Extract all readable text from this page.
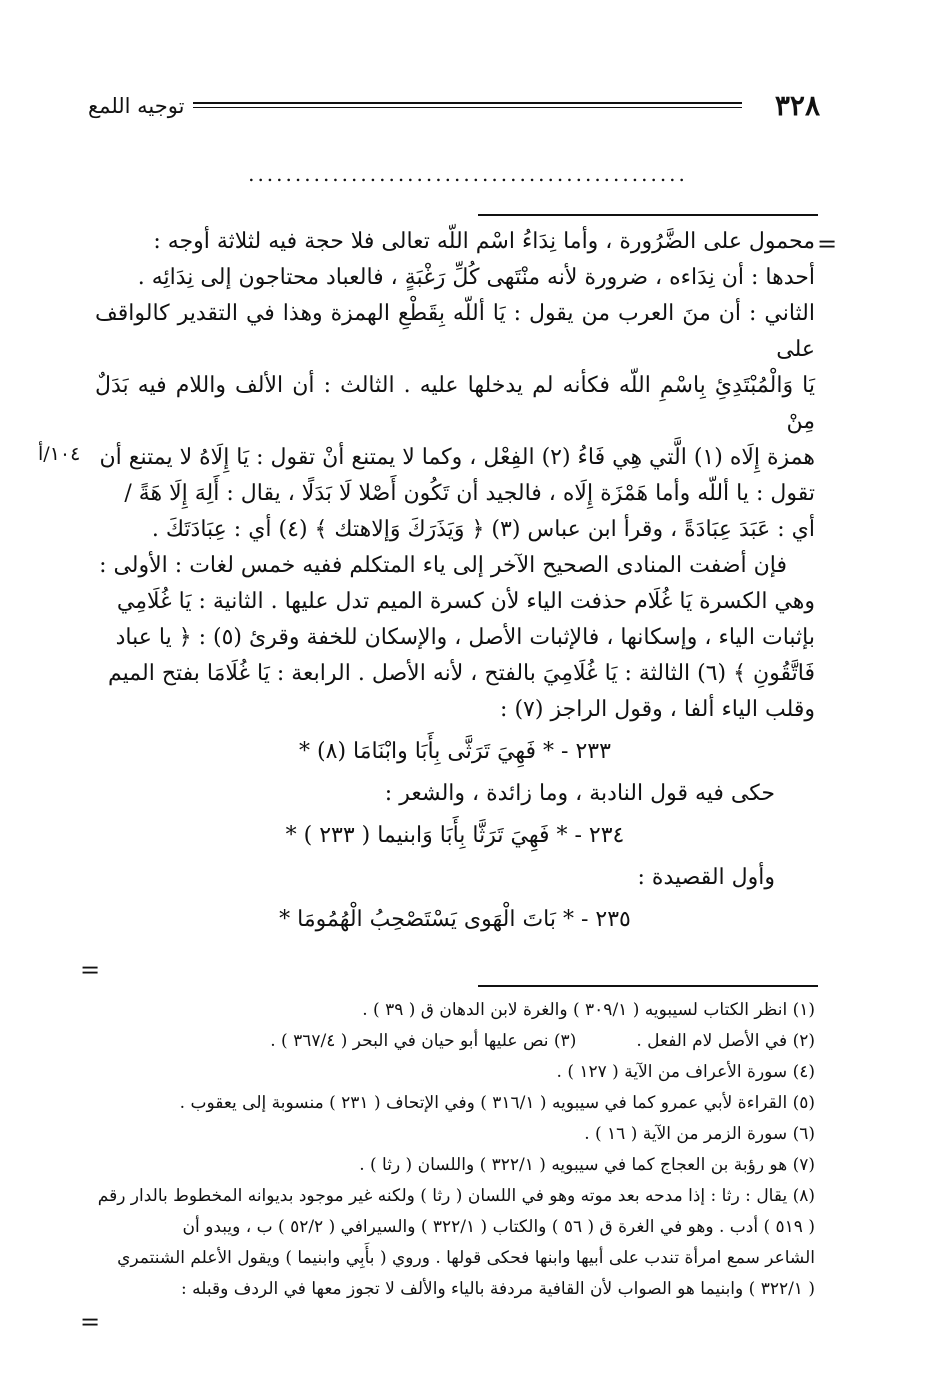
٣٢٨
توجيه اللمع
...............................................
=
١٠٤/أ

محمول على الضَّرُورة ، وأما نِدَاءُ اسْم اللّه تعالى فلا حجة فيه لثلاثة أوجه :

أحدها : أن نِدَاءه ، ضرورة لأنه منْتَهى كُلِّ رَغْبَةٍ ، فالعباد محتاجون إلى نِدَائِه .

الثاني : أن منَ العرب من يقول : يَا أللّه بِقَطْعِ الهمزة وهذا في التقدير كالواقف على

يَا وَالْمُبْتَدِئِ بِاسْمِ اللّه فكأنه لم يدخلها عليه . الثالث : أن الألف واللام فيه بَدَلٌ مِنْ

همزة إِلَاه (١) الَّتي هِي فَاءُ (٢) الفِعْل ، وكما لا يمتنع أنْ تقول : يَا إِلَاهُ لا يمتنع أن

تقول : يا أللّه وأما هَمْزَة إِلَاه ، فالجيد أن تَكُون أَصْلا لَا بَدَلًا ، يقال : أَلِهَ إِلَا هَةً /

أي : عَبَدَ عِبَادَةً ، وقرأ ابن عباس (٣) ﴿ وَيَذَرَكَ وَإلاهتك ﴾ (٤) أي : عِبَادَتَكَ .

فإن أضفت المنادى الصحيح الآخر إلى ياء المتكلم ففيه خمس لغات : الأولى :

وهي الكسرة يَا غُلَام حذفت الياء لأن كسرة الميم تدل عليها . الثانية : يَا غُلَامِي

بإثبات الياء ، وإسكانها ، فالإثبات الأصل ، والإسكان للخفة وقرئ (٥) : ﴿ يا عباد

فَاتَّقُونِ ﴾ (٦) الثالثة : يَا غُلَامِيَ بالفتح ، لأنه الأصل . الرابعة : يَا غُلَامَا بفتح الميم

وقلب الياء ألفا ، وقول الراجز (٧) :

٢٣٣ - * فَهِيَ تَرَثَّى بِأَبَا وابْنَامَا (٨) *

حكى فيه قول النادبة ، وما زائدة ، والشعر :

٢٣٤ - * فَهِيَ تَرَثَّا بِأَبَا وَابنيما ( ٢٣٣ ) *

وأول القصيدة :

٢٣٥ - * بَاتَ الْهَوى يَسْتَصْحِبُ الْهُمُومَا *

=

(١) انظر الكتاب لسيبويه ( ٣٠٩/١ ) والغرة لابن الدهان ق ( ٣٩ ) .

(٢) في الأصل لام الفعل .
(٣) نص عليها أبو حيان في البحر ( ٣٦٧/٤ ) .

(٤) سورة الأعراف من الآية ( ١٢٧ ) .

(٥) القراءة لأبي عمرو كما في سيبويه ( ٣١٦/١ ) وفي الإتحاف ( ٢٣١ ) منسوبة إلى يعقوب .

(٦) سورة الزمر من الآية ( ١٦ ) .

(٧) هو رؤبة بن العجاج كما في سيبويه ( ٣٢٢/١ ) واللسان ( رثا ) .

(٨) يقال : رثا : إذا مدحه بعد موته وهو في اللسان ( رثا ) ولكنه غير موجود بديوانه المخطوط بالدار رقم

( ٥١٩ ) أدب . وهو في الغرة ق ( ٥٦ ) والكتاب ( ٣٢٢/١ ) والسيرافي ( ٥٢/٢ ) ب ، ويبدو أن

الشاعر سمع امرأة تندب على أبيها وابنها فحكى قولها . وروي ( بأَبِي وابنيما ) ويقول الأعلم الشنتمري

( ٣٢٢/١ ) وابنيما هو الصواب لأن القافية مردفة بالياء والألف لا تجوز معها في الردف وقبله :

=
